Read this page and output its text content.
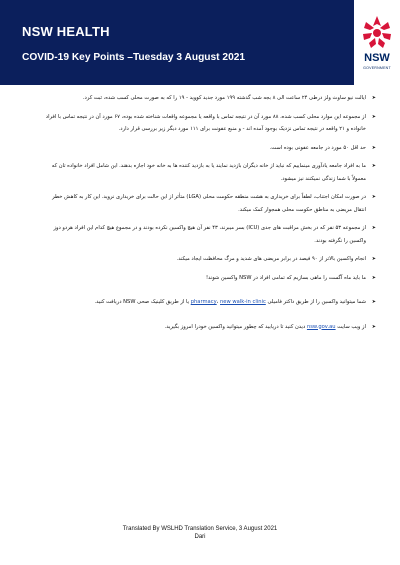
NSW HEALTH
COVID-19 Key Points –Tuesday 3 August 2021	NSW
GOVERNMENT
➤
ایالت نیو ساوث ولز درطی ۲۴ ساعت الی ۸ بجه شب گذشته ۱۹۹ مورد جدید کووید - ۱۹ را که به صورت محلی کسب شده، ثبت کرد.
➤
از مجموعه این موارد محلی کسب شده، ۸۸ مورد آن در نتیجه تماس با واقعه یا مجموعه واقعات شناخته شده بوده، ۶۷ مورد آن در نتیجه تماس با افراد خانواده و ۲۱ واقعه در نتیجه تماس نزدیک بوجود آمده اند - و منبع عفونت برای ۱۱۱ مورد دیگر زیر بررسی قرار دارد.
➤
حد اقل ۵۰ مورد در جامعه عفونی بوده است.
➤
ما به افراد جامعه یادآوری مینماییم که نباید از خانه دیگران بازدید نمایند یا به بازدید کننده ها به خانه خود اجازه بدهند. این شامل افراد خانواده تان که معمولاً با شما زندگی نمیکنند نیز میشود.
➤
در صورت امکان اجتناب، لطفاً برای خریداری به هشت منطقه حکومت محلی (LGA) متأثر از این حالت برای خریداری نروید. این کار به کاهش خطر انتقال مریضی به مناطق حکومت محلی همجوار کمک میکند.
➤
از مجموعه ۵۳ نفر که در بخش مراقبت های جدی (ICU) بسر میبرند، ۴۳ نفر آن هیچ واکسین نکرده بودند و در مجموع هیچ کدام این افراد هردو دوز واکسین را نگرفته بودند.
➤
انجام واکسین بالاتر از ۹۰ فیصد در برابر مریضی های شدید و مرگ محافظت ایجاد میکند.
➤
ما باید ماه آگست را ماهی بسازیم که تمامی افراد در NSW واکسین شوند!
➤
شما میتوانید واکسین را از طریق داکتر فامیلی pharmacy، new walk-in clinic یا از طریق کلینیک صحی NSW دریافت کنید.
➤
از ویب سایت nsw.gov.au دیدن کنید تا دریابید که چطور میتوانید واکسین خودرا امروز بگیرید.
Translated By WSLHD Translation Service, 3 August 2021
Dari
